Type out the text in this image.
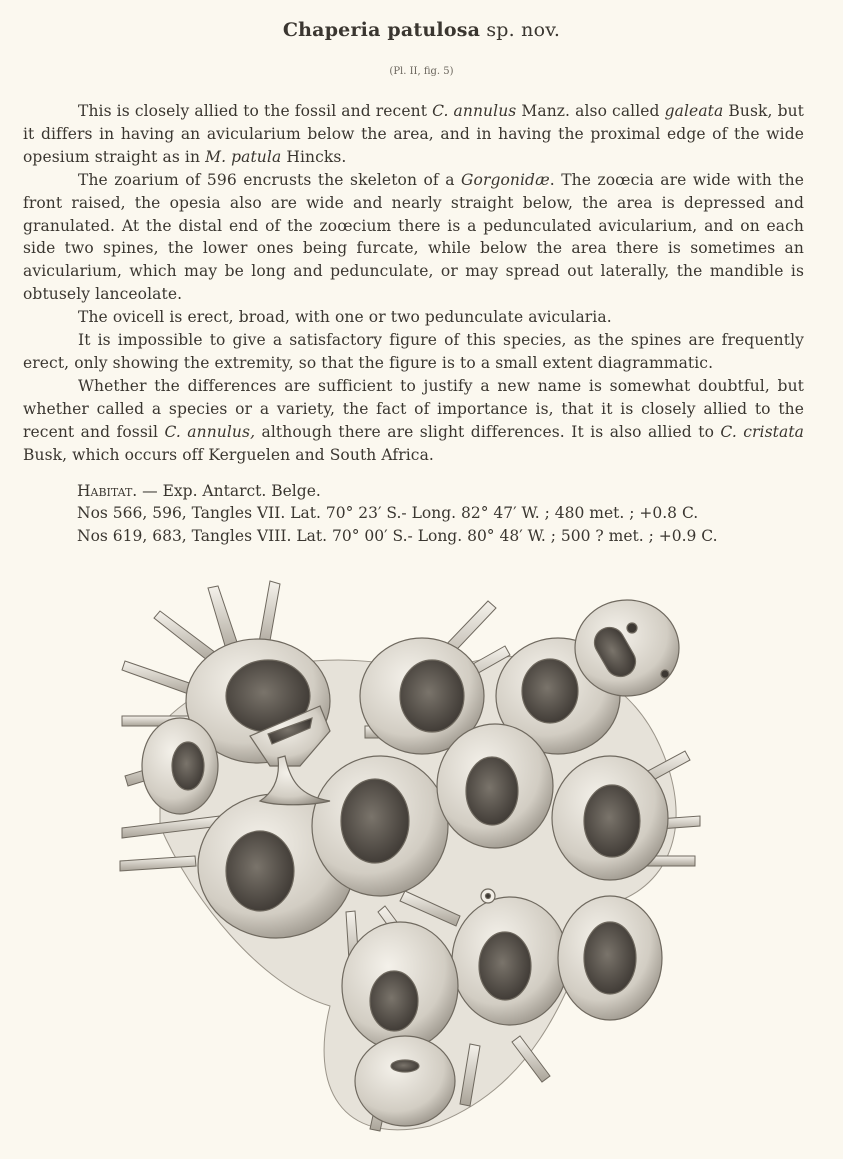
Chaperia patulosa sp. nov.
(Pl. II, fig. 5)

This is closely allied to the fossil and recent C. annulus Manz. also called galeata Busk, but it differs in having an avicularium below the area, and in having the proximal edge of the wide opesium straight as in M. patula Hincks.

The zoarium of 596 encrusts the skeleton of a Gorgonidæ. The zoœcia are wide with the front raised, the opesia also are wide and nearly straight below, the area is depressed and granulated. At the distal end of the zoœcium there is a pedunculated avicularium, and on each side two spines, the lower ones being furcate, while below the area there is sometimes an avicularium, which may be long and pedunculate, or may spread out laterally, the mandible is obtusely lanceolate.

The ovicell is erect, broad, with one or two pedunculate avicularia.

It is impossible to give a satisfactory figure of this species, as the spines are frequently erect, only showing the extremity, so that the figure is to a small extent diagrammatic.

Whether the differences are sufficient to justify a new name is somewhat doubtful, but whether called a species or a variety, the fact of importance is, that it is closely allied to the recent and fossil C. annulus, although there are slight differences. It is also allied to C. cristata Busk, which occurs off Kerguelen and South Africa.

Habitat. — Exp. Antarct. Belge.
Nos 566, 596, Tangles VII. Lat. 70° 23′ S.- Long. 82° 47′ W. ; 480 met. ; +0.8 C.
Nos 619, 683, Tangles VIII. Lat. 70° 00′ S.- Long. 80° 48′ W. ; 500 ? met. ; +0.9 C.
